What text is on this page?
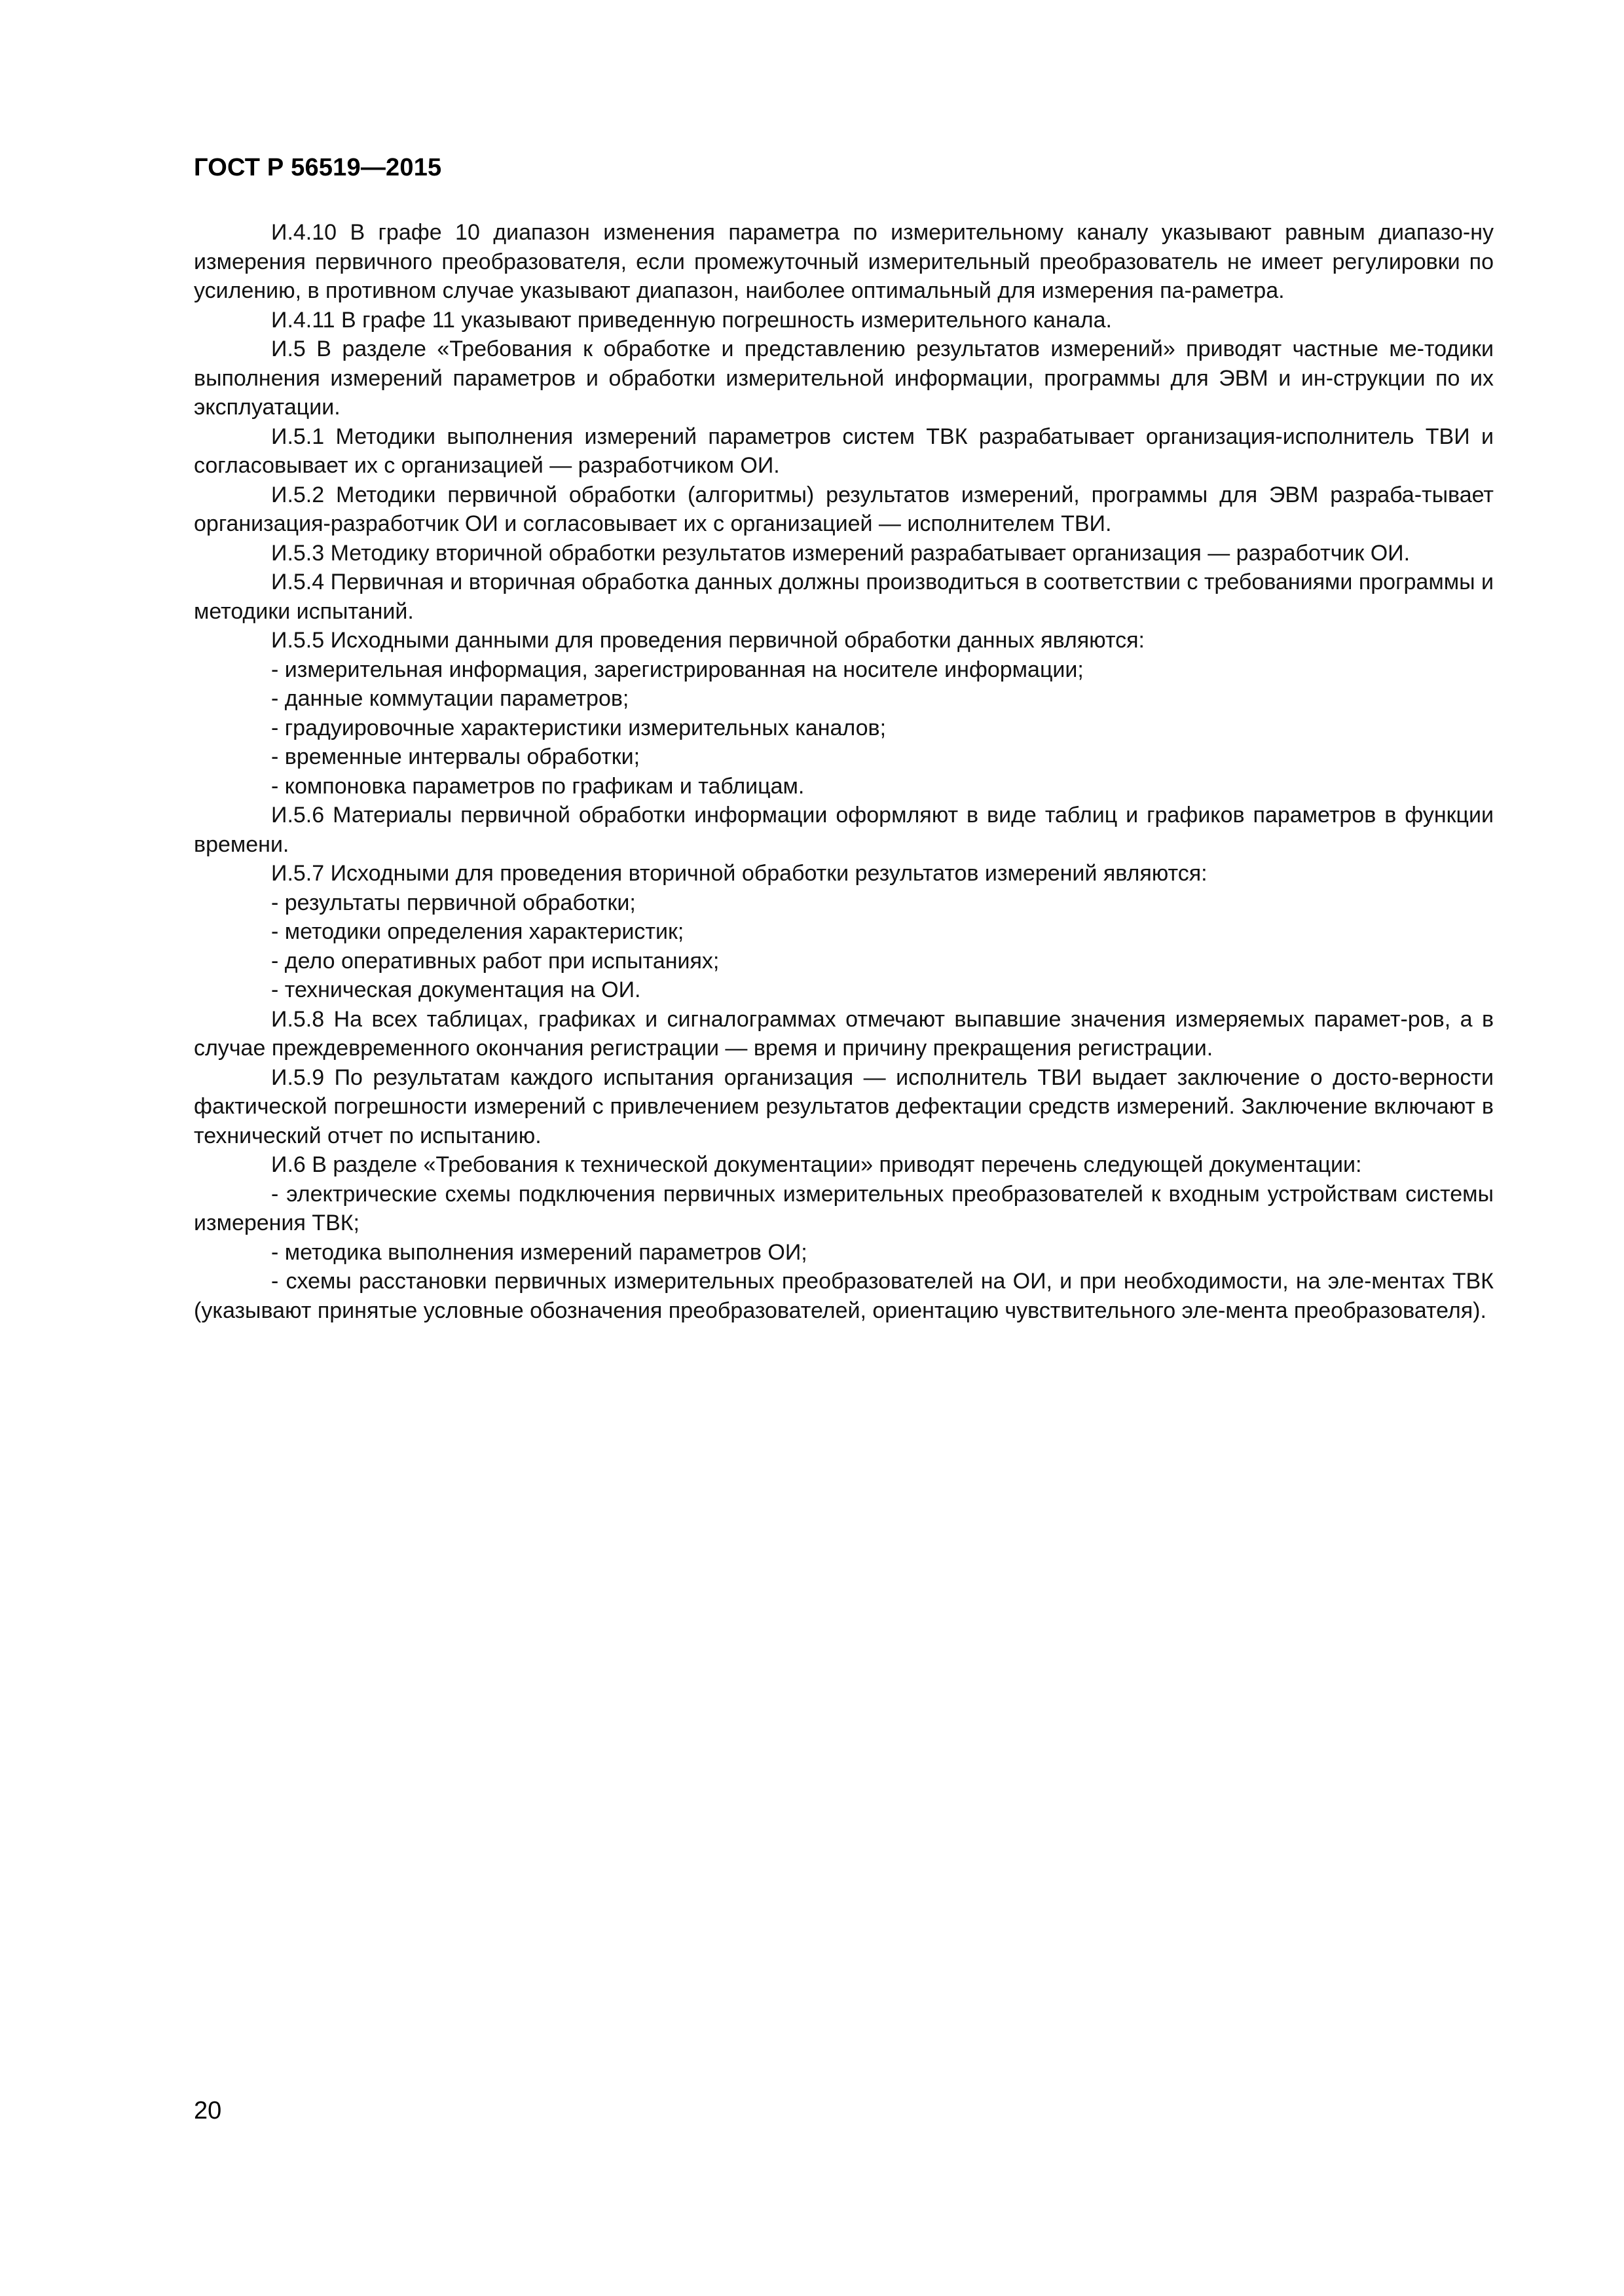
ГОСТ Р 56519—2015

И.4.10 В графе 10 диапазон изменения параметра по измерительному каналу указывают равным диапазо-ну измерения первичного преобразователя, если промежуточный измерительный преобразователь не имеет регулировки по усилению, в противном случае указывают диапазон, наиболее оптимальный для измерения па-раметра.

И.4.11 В графе 11 указывают приведенную погрешность измерительного канала.

И.5 В разделе «Требования к обработке и представлению результатов измерений» приводят частные ме-тодики выполнения измерений параметров и обработки измерительной информации, программы для ЭВМ и ин-струкции по их эксплуатации.

И.5.1 Методики выполнения измерений параметров систем ТВК разрабатывает организация-исполнитель ТВИ и согласовывает их с организацией — разработчиком ОИ.

И.5.2 Методики первичной обработки (алгоритмы) результатов измерений, программы для ЭВМ разраба-тывает организация-разработчик ОИ и согласовывает их с организацией — исполнителем ТВИ.

И.5.3 Методику вторичной обработки результатов измерений разрабатывает организация — разработчик ОИ.

И.5.4 Первичная и вторичная обработка данных должны производиться в соответствии с требованиями программы и методики испытаний.

И.5.5 Исходными данными для проведения первичной обработки данных являются:

- измерительная информация, зарегистрированная на носителе информации;

- данные коммутации параметров;

- градуировочные характеристики измерительных каналов;

- временные интервалы обработки;

- компоновка параметров по графикам и таблицам.

И.5.6 Материалы первичной обработки информации оформляют в виде таблиц и графиков параметров в функции времени.

И.5.7 Исходными для проведения вторичной обработки результатов измерений являются:

- результаты первичной обработки;

- методики определения характеристик;

- дело оперативных работ при испытаниях;

- техническая документация на ОИ.

И.5.8 На всех таблицах, графиках и сигналограммах отмечают выпавшие значения измеряемых парамет-ров, а в случае преждевременного окончания регистрации — время и причину прекращения регистрации.

И.5.9 По результатам каждого испытания организация — исполнитель ТВИ выдает заключение о досто-верности фактической погрешности измерений с привлечением результатов дефектации средств измерений. Заключение включают в технический отчет по испытанию.

И.6 В разделе «Требования к технической документации» приводят перечень следующей документации:

- электрические схемы подключения первичных измерительных преобразователей к входным устройствам системы измерения ТВК;

- методика выполнения измерений параметров ОИ;

- схемы расстановки первичных измерительных преобразователей на ОИ, и при необходимости, на эле-ментах ТВК (указывают принятые условные обозначения преобразователей, ориентацию чувствительного эле-мента преобразователя).

20
